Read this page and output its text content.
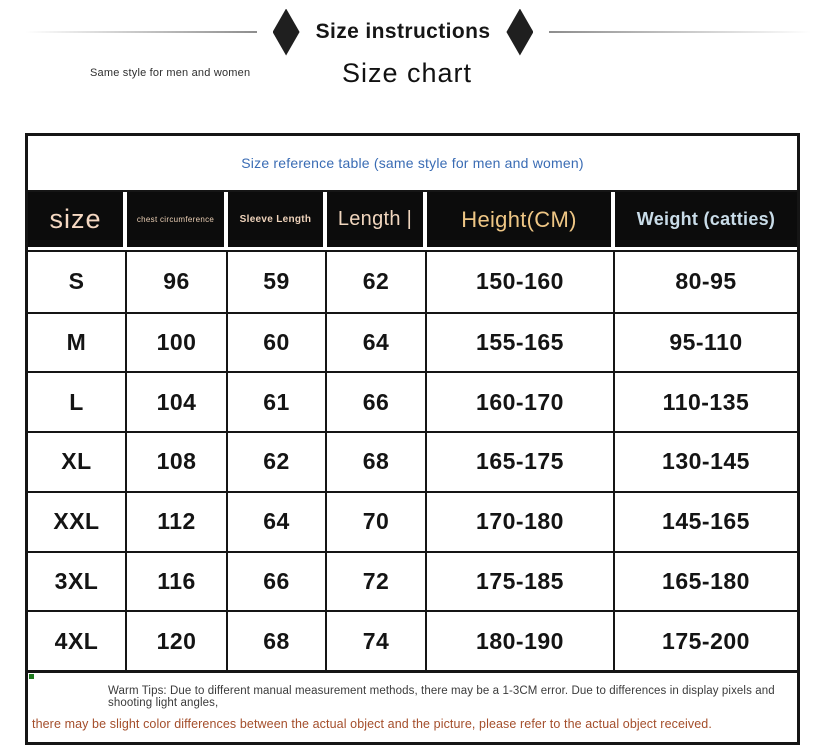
Size instructions
Same style for men and women	Size chart
Size reference table (same style for men and women)
size	chest circumference	Sleeve Length	Length |	Height(CM)	Weight (catties)
S	96	59	62	150-160	80-95
M	100	60	64	155-165	95-110
L	104	61	66	160-170	110-135
XL	108	62	68	165-175	130-145
XXL	112	64	70	170-180	145-165
3XL	116	66	72	175-185	165-180
4XL	120	68	74	180-190	175-200
Warm Tips: Due to different manual measurement methods, there may be a 1-3CM error. Due to differences in display pixels and shooting light angles,
there may be slight color differences between the actual object and the picture, please refer to the actual object received.
